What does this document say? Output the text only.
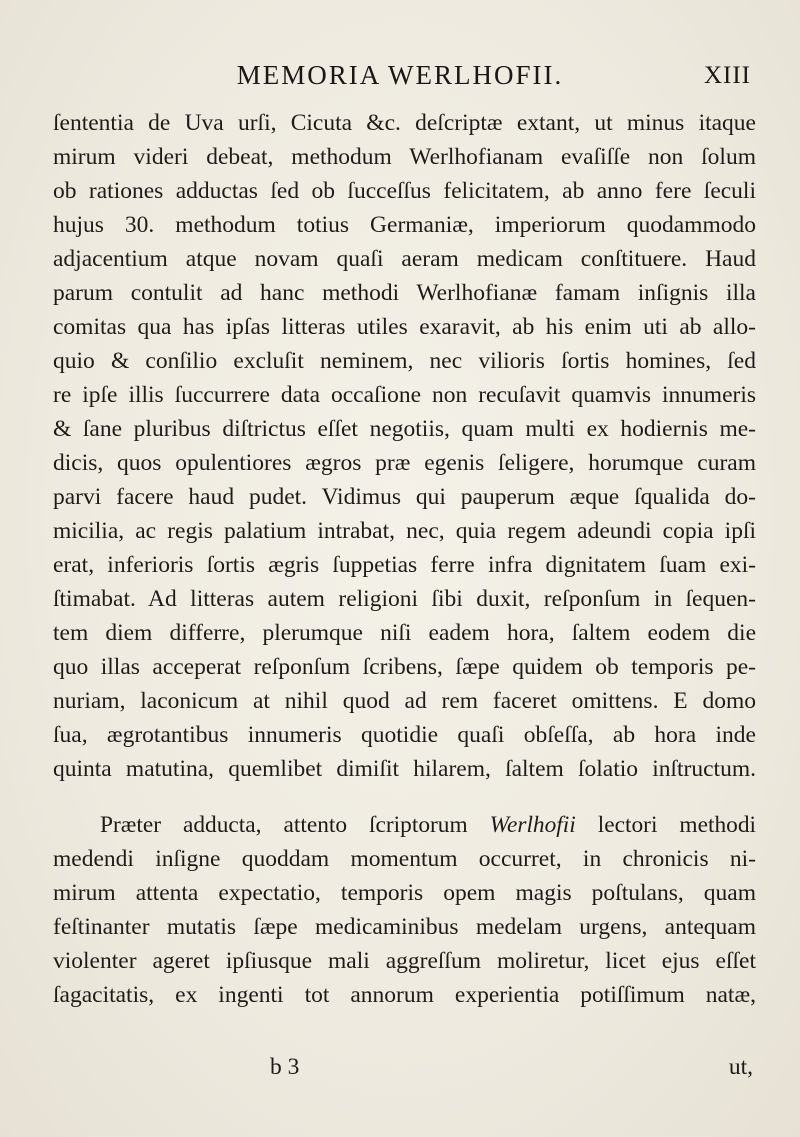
MEMORIA WERLHOFII.	XIII
ſententia de Uva urſi, Cicuta &c. deſcriptæ extant, ut minus itaque
mirum videri debeat, methodum Werlhofianam evaſiſſe non ſolum
ob rationes adductas ſed ob ſucceſſus felicitatem, ab anno fere ſeculi
hujus 30. methodum totius Germaniæ, imperiorum quodammodo
adjacentium atque novam quaſi aeram medicam conſtituere. Haud
parum contulit ad hanc methodi Werlhofianæ famam inſignis illa
comitas qua has ipſas litteras utiles exaravit, ab his enim uti ab allo-
quio & conſilio excluſit neminem, nec vilioris ſortis homines, ſed
re ipſe illis ſuccurrere data occaſione non recuſavit quamvis innumeris
& ſane pluribus diſtrictus eſſet negotiis, quam multi ex hodiernis me-
dicis, quos opulentiores ægros præ egenis ſeligere, horumque curam
parvi facere haud pudet. Vidimus qui pauperum æque ſqualida do-
micilia, ac regis palatium intrabat, nec, quia regem adeundi copia ipſi
erat, inferioris ſortis ægris ſuppetias ferre infra dignitatem ſuam exi-
ſtimabat. Ad litteras autem religioni ſibi duxit, reſponſum in ſequen-
tem diem differre, plerumque niſi eadem hora, ſaltem eodem die
quo illas acceperat reſponſum ſcribens, ſæpe quidem ob temporis pe-
nuriam, laconicum at nihil quod ad rem faceret omittens. E domo
ſua, ægrotantibus innumeris quotidie quaſi obſeſſa, ab hora inde
quinta matutina, quemlibet dimiſit hilarem, ſaltem ſolatio inſtructum.
Præter adducta, attento ſcriptorum Werlhofii lectori methodi
medendi inſigne quoddam momentum occurret, in chronicis ni-
mirum attenta expectatio, temporis opem magis poſtulans, quam
feſtinanter mutatis ſæpe medicaminibus medelam urgens, antequam
violenter ageret ipſiusque mali aggreſſum moliretur, licet ejus eſſet
ſagacitatis, ex ingenti tot annorum experientia potiſſimum natæ,
b 3	ut,
